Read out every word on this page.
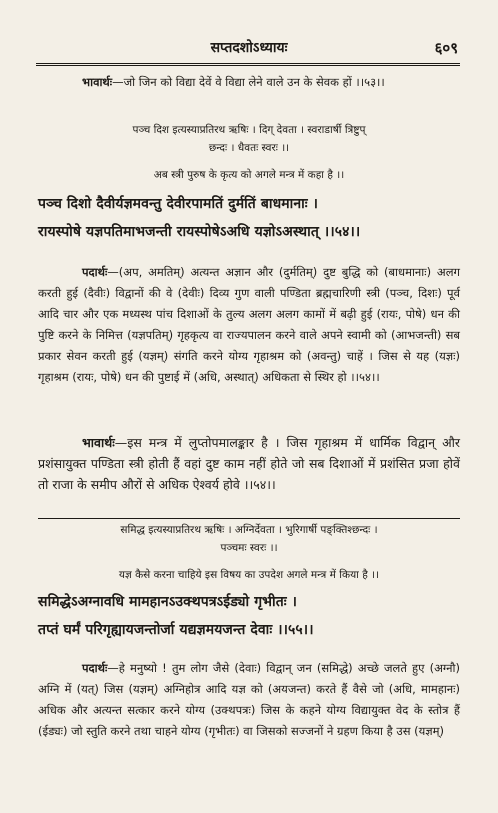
सप्तदशोऽध्यायः	६०९
भावार्थः—जो जिन को विद्या देवें वे विद्या लेने वाले उन के सेवक हों ।।५३।।
पञ्च दिश इत्यस्याप्रतिरथ ऋषिः । दिग् देवता । स्वराडार्षी त्रिष्टुप्
छन्दः । धैवतः स्वरः ।।
अब स्त्री पुरुष के कृत्य को अगले मन्त्र में कहा है ।।
पञ्च दिशो दैवीर्यज्ञमवन्तु देवीरपामतिं दुर्मतिं बाधमानाः ।
रायस्पोषे यज्ञपतिमाभजन्ती रायस्पोषेऽअधि यज्ञोऽअस्थात् ।।५४।।
पदार्थः—(अप, अमतिम्) अत्यन्त अज्ञान और (दुर्मतिम्) दुष्ट बुद्धि को (बाधमानाः) अलग करती हुई (दैवीः) विद्वानों की वे (देवीः) दिव्य गुण वाली पण्डिता ब्रह्मचारिणी स्त्री (पञ्च, दिशः) पूर्व आदि चार और एक मध्यस्थ पांच दिशाओं के तुल्य अलग अलग कामों में बढ़ी हुई (रायः, पोषे) धन की पुष्टि करने के निमित्त (यज्ञपतिम्) गृहकृत्य वा राज्यपालन करने वाले अपने स्वामी को (आभजन्ती) सब प्रकार सेवन करती हुई (यज्ञम्) संगति करने योग्य गृहाश्रम को (अवन्तु) चाहें । जिस से यह (यज्ञः) गृहाश्रम (रायः, पोषे) धन की पुष्टाई में (अधि, अस्थात्) अधिकता से स्थिर हो ।।५४।।
भावार्थः—इस मन्त्र में लुप्तोपमालङ्कार है । जिस गृहाश्रम में धार्मिक विद्वान् और प्रशंसायुक्त पण्डिता स्त्री होती हैं वहां दुष्ट काम नहीं होते जो सब दिशाओं में प्रशंसित प्रजा होवें तो राजा के समीप औरों से अधिक ऐश्वर्य होवे ।।५४।।
समिद्ध इत्यस्याप्रतिरथ ऋषिः । अग्निर्देवता । भुरिगार्षी पङ्क्तिश्छन्दः ।
पञ्चमः स्वरः ।।
यज्ञ कैसे करना चाहिये इस विषय का उपदेश अगले मन्त्र में किया है ।।
समिद्धेऽअग्नावधि मामहानऽउक्थपत्रऽईड्यो गृभीतः ।
तप्तं घर्मं परिगृह्यायजन्तोर्जा यद्यज्ञमयजन्त देवाः ।।५५।।
पदार्थः—हे मनुष्यो ! तुम लोग जैसे (देवाः) विद्वान् जन (समिद्धे) अच्छे जलते हुए (अग्नौ) अग्नि में (यत्) जिस (यज्ञम्) अग्निहोत्र आदि यज्ञ को (अयजन्त) करते हैं वैसे जो (अधि, मामहानः) अधिक और अत्यन्त सत्कार करने योग्य (उक्थपत्रः) जिस के कहने योग्य विद्यायुक्त वेद के स्तोत्र हैं (ईड्यः) जो स्तुति करने तथा चाहने योग्य (गृभीतः) वा जिसको सज्जनों ने ग्रहण किया है उस (यज्ञम्)
